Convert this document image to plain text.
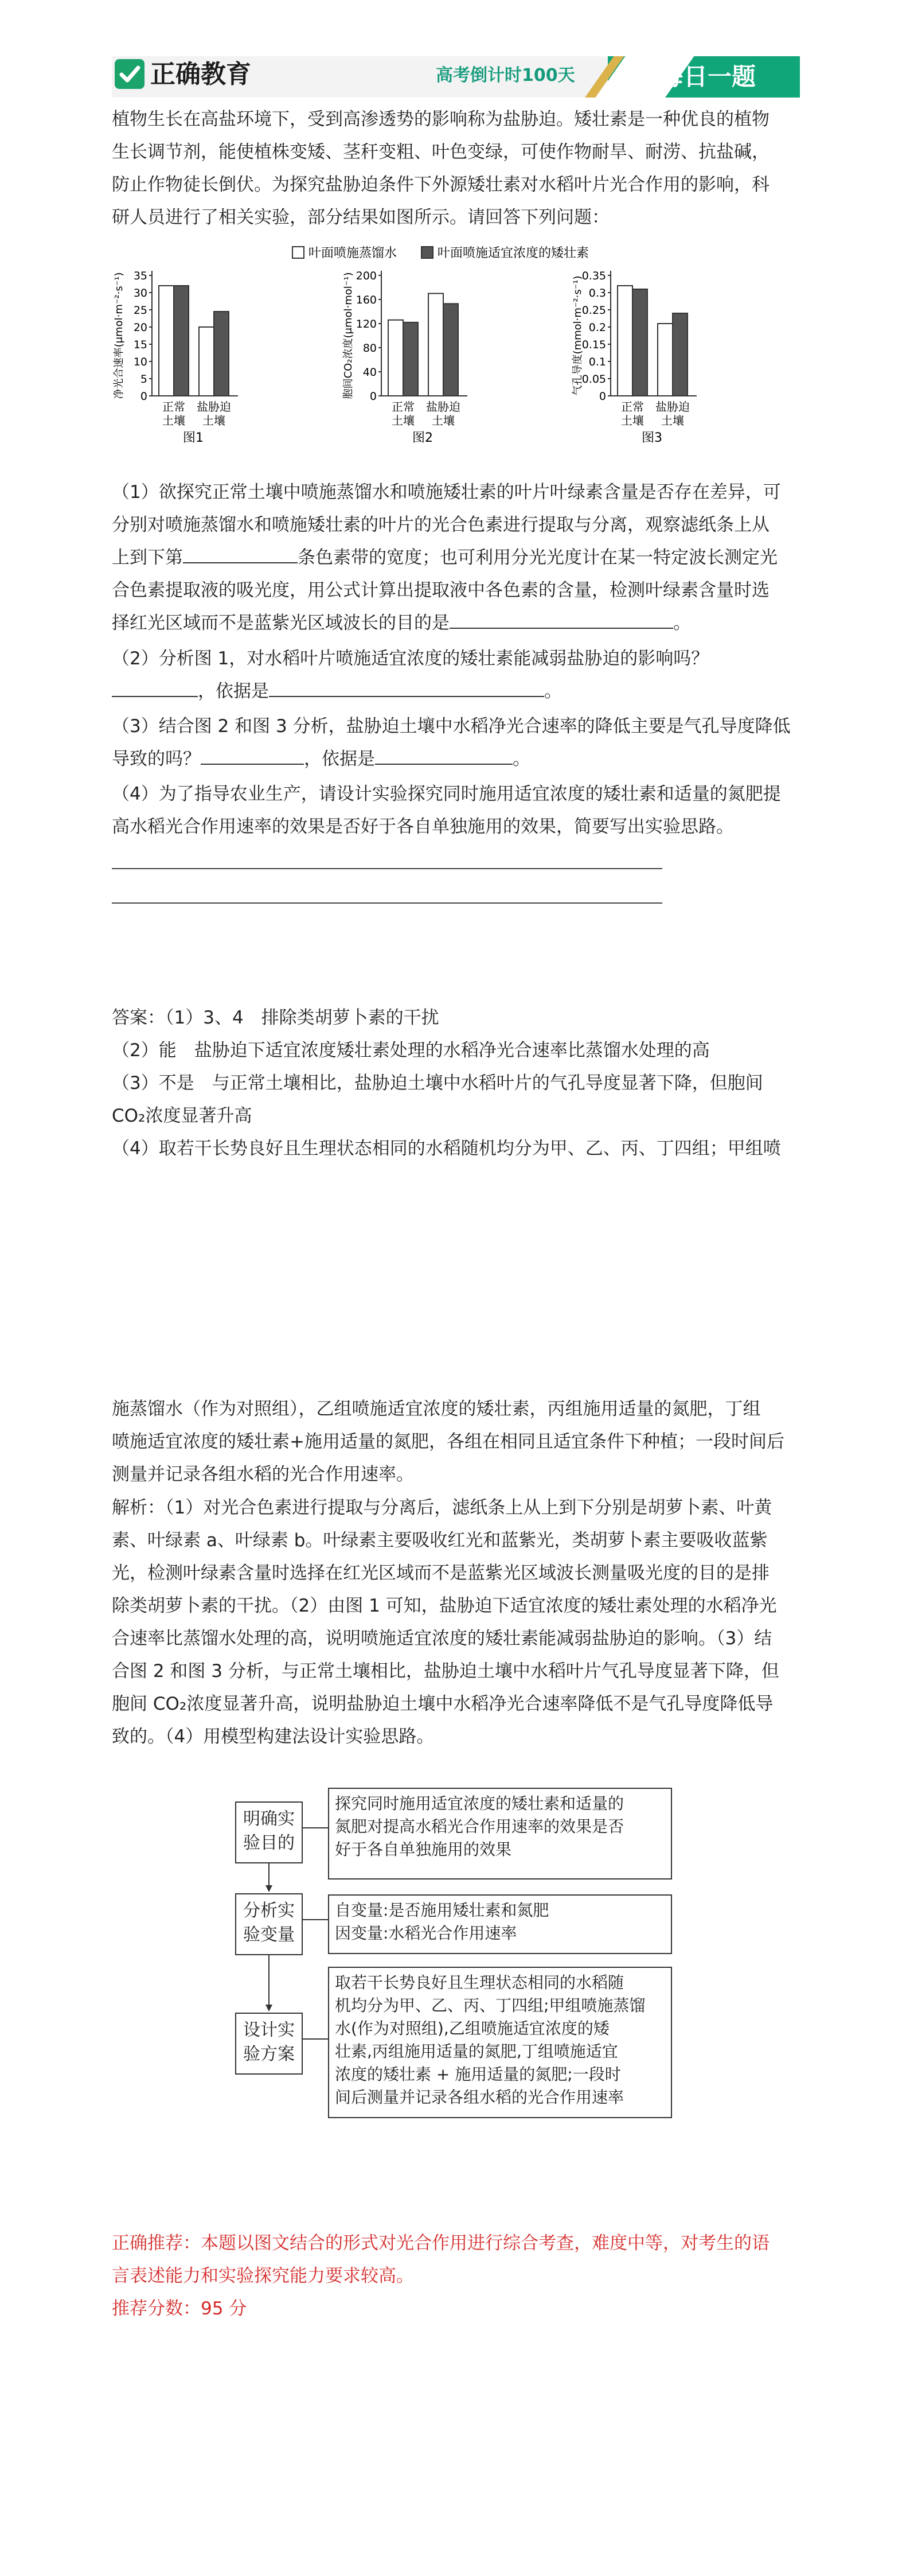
正确教育	高考倒计时100天	每日一题
植物生长在高盐环境下，受到高渗透势的影响称为盐胁迫。矮壮素是一种优良的植物
生长调节剂，能使植株变矮、茎秆变粗、叶色变绿，可使作物耐旱、耐涝、抗盐碱，
防止作物徒长倒伏。为探究盐胁迫条件下外源矮壮素对水稻叶片光合作用的影响，科
研人员进行了相关实验，部分结果如图所示。请回答下列问题：
叶面喷施蒸馏水	叶面喷施适宜浓度的矮壮素
净光合速率(μmol·m⁻²·s⁻¹) 0
5
10
15
20
25
30
35
正常
土壤
盐胁迫
土壤
图1
胞间CO₂浓度(μmol·mol⁻¹) 0
40
80
120
160
200
正常
土壤
盐胁迫
土壤
图2
气孔导度(mmol·m⁻²·s⁻¹)
0
0.05
0.1
0.15
0.2
0.25
0.3
0.35
正常
土壤
盐胁迫
土壤
图3
（1）欲探究正常土壤中喷施蒸馏水和喷施矮壮素的叶片叶绿素含量是否存在差异，可
分别对喷施蒸馏水和喷施矮壮素的叶片的光合色素进行提取与分离，观察滤纸条上从
上到下第	条色素带的宽度；也可利用分光光度计在某一特定波长测定光
合色素提取液的吸光度，用公式计算出提取液中各色素的含量，检测叶绿素含量时选
择红光区域而不是蓝紫光区域波长的目的是	。
（2）分析图 1，对水稻叶片喷施适宜浓度的矮壮素能减弱盐胁迫的影响吗？
，依据是	。
（3）结合图 2 和图 3 分析，盐胁迫土壤中水稻净光合速率的降低主要是气孔导度降低
导致的吗？	，依据是	。
（4）为了指导农业生产，请设计实验探究同时施用适宜浓度的矮壮素和适量的氮肥提
高水稻光合作用速率的效果是否好于各自单独施用的效果，简要写出实验思路。
答案：（1）3、4　排除类胡萝卜素的干扰
（2）能　盐胁迫下适宜浓度矮壮素处理的水稻净光合速率比蒸馏水处理的高
（3）不是　与正常土壤相比，盐胁迫土壤中水稻叶片的气孔导度显著下降，但胞间
CO₂浓度显著升高
（4）取若干长势良好且生理状态相同的水稻随机均分为甲、乙、丙、丁四组；甲组喷
施蒸馏水（作为对照组），乙组喷施适宜浓度的矮壮素，丙组施用适量的氮肥，丁组
喷施适宜浓度的矮壮素+施用适量的氮肥，各组在相同且适宜条件下种植；一段时间后
测量并记录各组水稻的光合作用速率。
解析：（1）对光合色素进行提取与分离后，滤纸条上从上到下分别是胡萝卜素、叶黄
素、叶绿素 a、叶绿素 b。叶绿素主要吸收红光和蓝紫光，类胡萝卜素主要吸收蓝紫
光，检测叶绿素含量时选择在红光区域而不是蓝紫光区域波长测量吸光度的目的是排
除类胡萝卜素的干扰。（2）由图 1 可知，盐胁迫下适宜浓度的矮壮素处理的水稻净光
合速率比蒸馏水处理的高，说明喷施适宜浓度的矮壮素能减弱盐胁迫的影响。（3）结
合图 2 和图 3 分析，与正常土壤相比，盐胁迫土壤中水稻叶片气孔导度显著下降，但
胞间 CO₂浓度显著升高，说明盐胁迫土壤中水稻净光合速率降低不是气孔导度降低导
致的。（4）用模型构建法设计实验思路。
明确实
验目的
分析实
验变量
设计实
验方案
探究同时施用适宜浓度的矮壮素和适量的
氮肥对提高水稻光合作用速率的效果是否
好于各自单独施用的效果
自变量:是否施用矮壮素和氮肥
因变量:水稻光合作用速率
取若干长势良好且生理状态相同的水稻随
机均分为甲、乙、丙、丁四组;甲组喷施蒸馏
水(作为对照组),乙组喷施适宜浓度的矮
壮素,丙组施用适量的氮肥,丁组喷施适宜
浓度的矮壮素 + 施用适量的氮肥;一段时
间后测量并记录各组水稻的光合作用速率
正确推荐：本题以图文结合的形式对光合作用进行综合考查，难度中等，对考生的语
言表述能力和实验探究能力要求较高。
推荐分数：95 分
